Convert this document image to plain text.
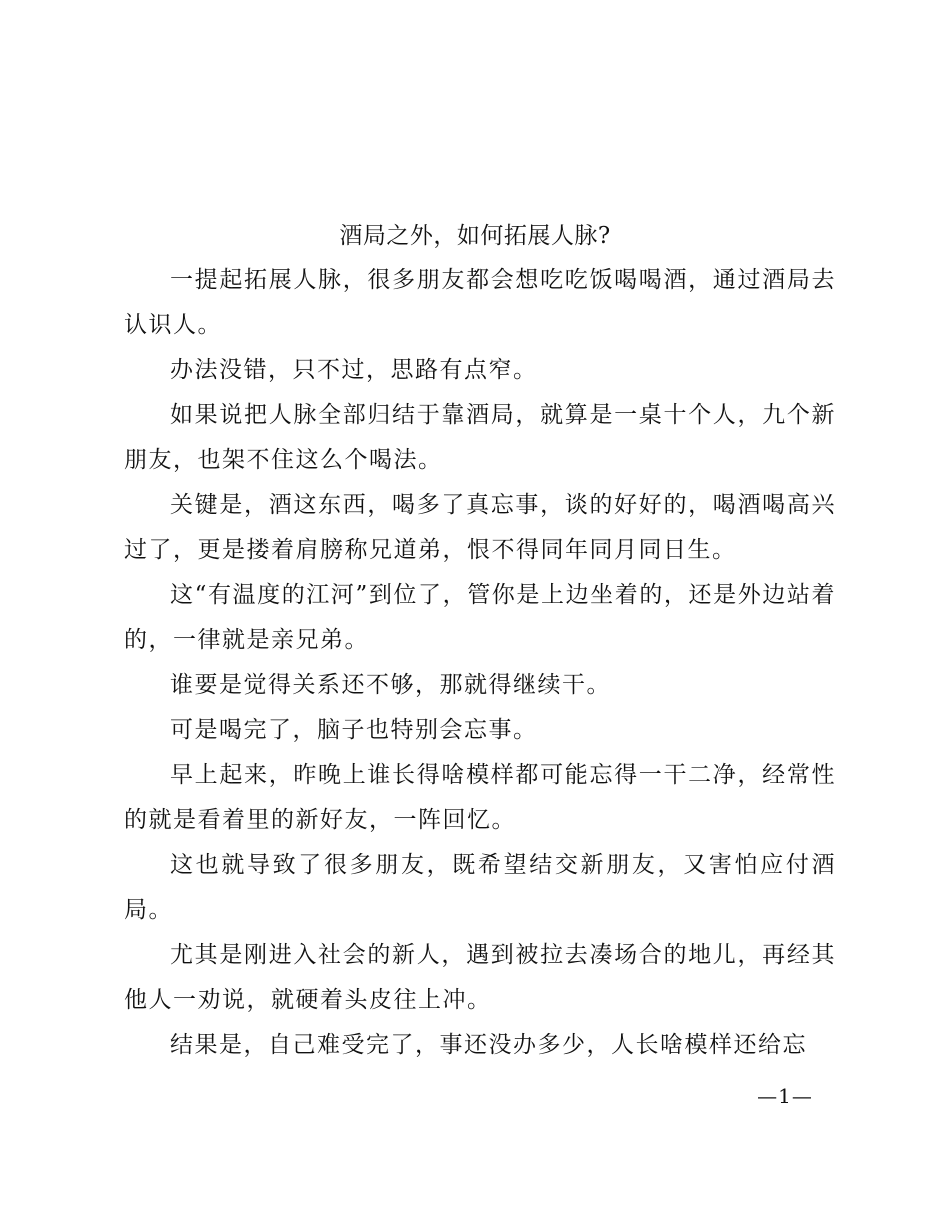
酒局之外，如何拓展人脉?

一提起拓展人脉，很多朋友都会想吃吃饭喝喝酒，通过酒局去认识人。

办法没错，只不过，思路有点窄。

如果说把人脉全部归结于靠酒局，就算是一桌十个人，九个新朋友，也架不住这么个喝法。

关键是，酒这东西，喝多了真忘事，谈的好好的，喝酒喝高兴过了，更是搂着肩膀称兄道弟，恨不得同年同月同日生。

这“有温度的江河”到位了，管你是上边坐着的，还是外边站着的，一律就是亲兄弟。

谁要是觉得关系还不够，那就得继续干。

可是喝完了，脑子也特别会忘事。

早上起来，昨晚上谁长得啥模样都可能忘得一干二净，经常性的就是看着里的新好友，一阵回忆。

这也就导致了很多朋友，既希望结交新朋友，又害怕应付酒局。

尤其是刚进入社会的新人，遇到被拉去凑场合的地儿，再经其他人一劝说，就硬着头皮往上冲。

结果是，自己难受完了，事还没办多少，人长啥模样还给忘

—1—
